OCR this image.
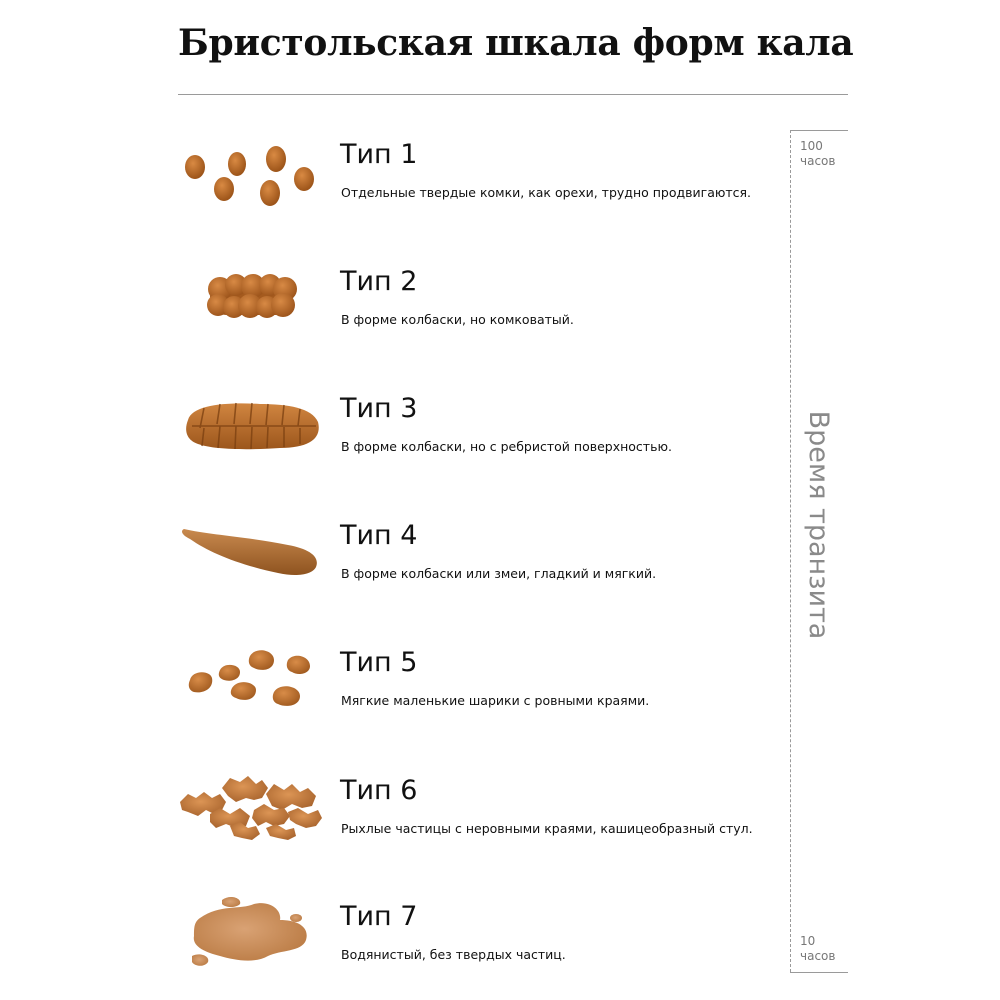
Бристольская шкала форм кала
Тип 1
Отдельные твердые комки, как орехи, трудно продвигаются.
Тип 2
В форме колбаски, но комковатый.
Тип 3
В форме колбаски, но с ребристой поверхностью.
Тип 4
В форме колбаски или змеи, гладкий и мягкий.
Тип 5
Мягкие маленькие шарики с ровными краями.
Тип 6
Рыхлые частицы с неровными краями, кашицеобразный стул.
Тип 7
Водянистый, без твердых частиц.
100
часов
10
часов
Время транзита
